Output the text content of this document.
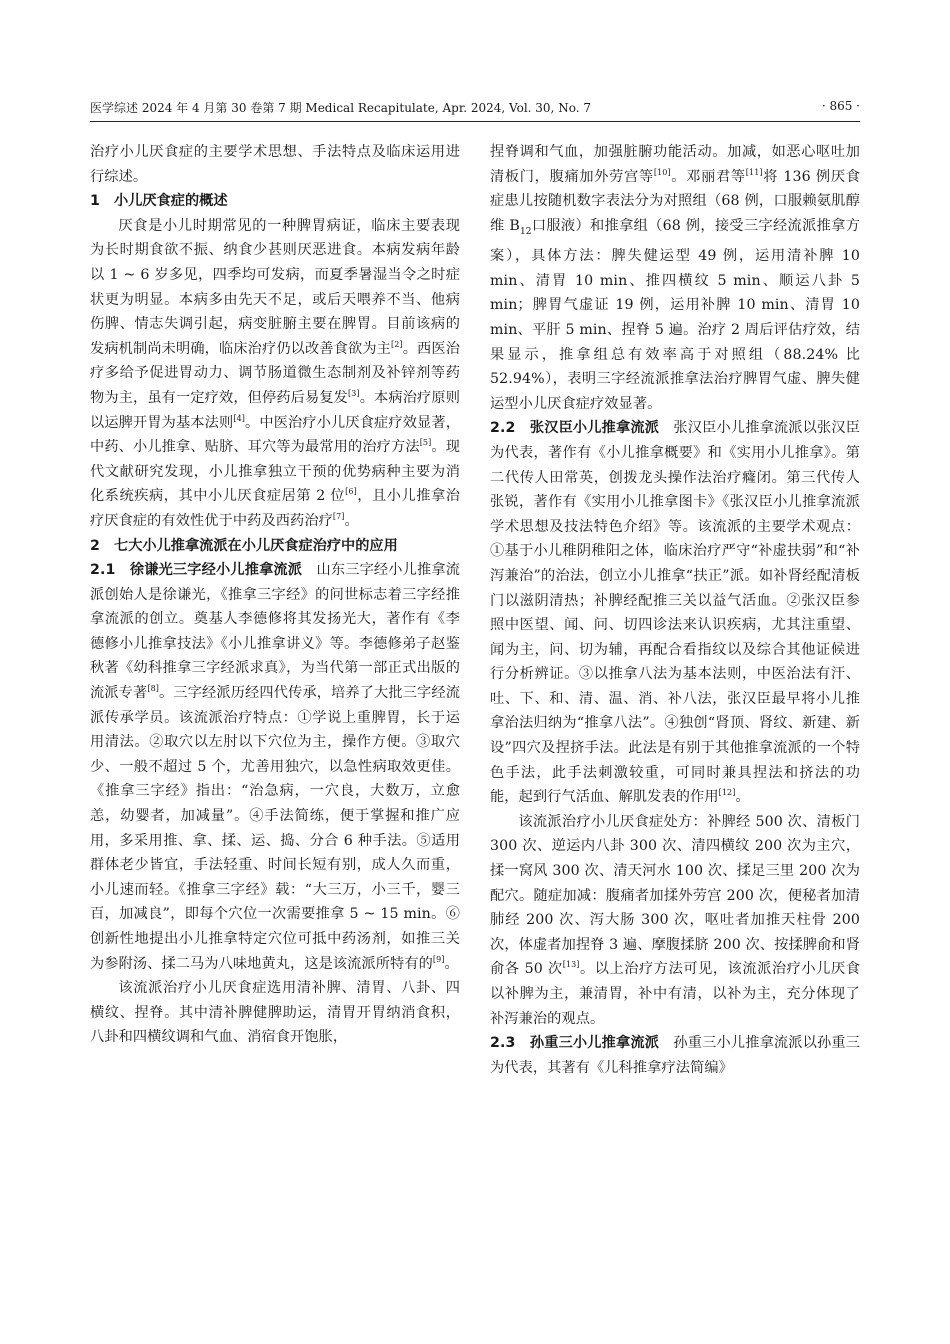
医学综述 2024 年 4 月第 30 卷第 7 期 Medical Recapitulate, Apr. 2024, Vol. 30, No. 7	· 865 ·

治疗小儿厌食症的主要学术思想、手法特点及临床运用进行综述。

1　小儿厌食症的概述

厌食是小儿时期常见的一种脾胃病证，临床主要表现为长时期食欲不振、纳食少甚则厌恶进食。本病发病年龄以 1 ~ 6 岁多见，四季均可发病，而夏季暑湿当令之时症状更为明显。本病多由先天不足，或后天喂养不当、他病伤脾、情志失调引起，病变脏腑主要在脾胃。目前该病的发病机制尚未明确，临床治疗仍以改善食欲为主[2]。西医治疗多给予促进胃动力、调节肠道微生态制剂及补锌剂等药物为主，虽有一定疗效，但停药后易复发[3]。本病治疗原则以运脾开胃为基本法则[4]。中医治疗小儿厌食症疗效显著，中药、小儿推拿、贴脐、耳穴等为最常用的治疗方法[5]。现代文献研究发现，小儿推拿独立干预的优势病种主要为消化系统疾病，其中小儿厌食症居第 2 位[6]，且小儿推拿治疗厌食症的有效性优于中药及西药治疗[7]。

2　七大小儿推拿流派在小儿厌食症治疗中的应用

2.1　徐谦光三字经小儿推拿流派　山东三字经小儿推拿流派创始人是徐谦光，《推拿三字经》的问世标志着三字经推拿流派的创立。奠基人李德修将其发扬光大，著作有《李德修小儿推拿技法》《小儿推拿讲义》等。李德修弟子赵鉴秋著《幼科推拿三字经派求真》，为当代第一部正式出版的流派专著[8]。三字经派历经四代传承，培养了大批三字经流派传承学员。该流派治疗特点：①学说上重脾胃，长于运用清法。②取穴以左肘以下穴位为主，操作方便。③取穴少、一般不超过 5 个，尤善用独穴，以急性病取效更佳。《推拿三字经》指出：“治急病，一穴良，大数万，立愈恙，幼婴者，加减量”。④手法简练，便于掌握和推广应用，多采用推、拿、揉、运、捣、分合 6 种手法。⑤适用群体老少皆宜，手法轻重、时间长短有别，成人久而重，小儿速而轻。《推拿三字经》载：“大三万，小三千，婴三百，加减良”，即每个穴位一次需要推拿 5 ~ 15 min。⑥创新性地提出小儿推拿特定穴位可抵中药汤剂，如推三关为参附汤、揉二马为八味地黄丸，这是该流派所特有的[9]。

该流派治疗小儿厌食症选用清补脾、清胃、八卦、四横纹、捏脊。其中清补脾健脾助运，清胃开胃纳消食积，八卦和四横纹调和气血、消宿食开饱胀，

捏脊调和气血，加强脏腑功能活动。加减，如恶心呕吐加清板门，腹痛加外劳宫等[10]。邓丽君等[11]将 136 例厌食症患儿按随机数字表法分为对照组（68 例，口服赖氨肌醇维 $B_{12}$口服液）和推拿组（68 例，接受三字经流派推拿方案），具体方法：脾失健运型 49 例，运用清补脾 10 min、清胃 10 min、推四横纹 5 min、顺运八卦 5 min；脾胃气虚证 19 例，运用补脾 10 min、清胃 10 min、平肝 5 min、捏脊 5 遍。治疗 2 周后评估疗效，结果显示，推拿组总有效率高于对照组（88.24% 比 52.94%），表明三字经流派推拿法治疗脾胃气虚、脾失健运型小儿厌食症疗效显著。

2.2　张汉臣小儿推拿流派　张汉臣小儿推拿流派以张汉臣为代表，著作有《小儿推拿概要》和《实用小儿推拿》。第二代传人田常英，创拨龙头操作法治疗癃闭。第三代传人张锐，著作有《实用小儿推拿图卡》《张汉臣小儿推拿流派学术思想及技法特色介绍》等。该流派的主要学术观点：①基于小儿稚阴稚阳之体，临床治疗严守“补虚扶弱”和“补泻兼治”的治法，创立小儿推拿“扶正”派。如补肾经配清板门以滋阴清热；补脾经配推三关以益气活血。②张汉臣参照中医望、闻、问、切四诊法来认识疾病，尤其注重望、闻为主，问、切为辅，再配合看指纹以及综合其他证候进行分析辨证。③以推拿八法为基本法则，中医治法有汗、吐、下、和、清、温、消、补八法，张汉臣最早将小儿推拿治法归纳为“推拿八法”。④独创“肾顶、肾纹、新建、新设”四穴及捏挤手法。此法是有别于其他推拿流派的一个特色手法，此手法刺激较重，可同时兼具捏法和挤法的功能，起到行气活血、解肌发表的作用[12]。

该流派治疗小儿厌食症处方：补脾经 500 次、清板门 300 次、逆运内八卦 300 次、清四横纹 200 次为主穴，揉一窝风 300 次、清天河水 100 次、揉足三里 200 次为配穴。随症加减：腹痛者加揉外劳宫 200 次，便秘者加清肺经 200 次、泻大肠 300 次，呕吐者加推天柱骨 200 次，体虚者加捏脊 3 遍、摩腹揉脐 200 次、按揉脾俞和肾俞各 50 次[13]。以上治疗方法可见，该流派治疗小儿厌食以补脾为主，兼清胃，补中有清，以补为主，充分体现了补泻兼治的观点。

2.3　孙重三小儿推拿流派　孙重三小儿推拿流派以孙重三为代表，其著有《儿科推拿疗法简编》
